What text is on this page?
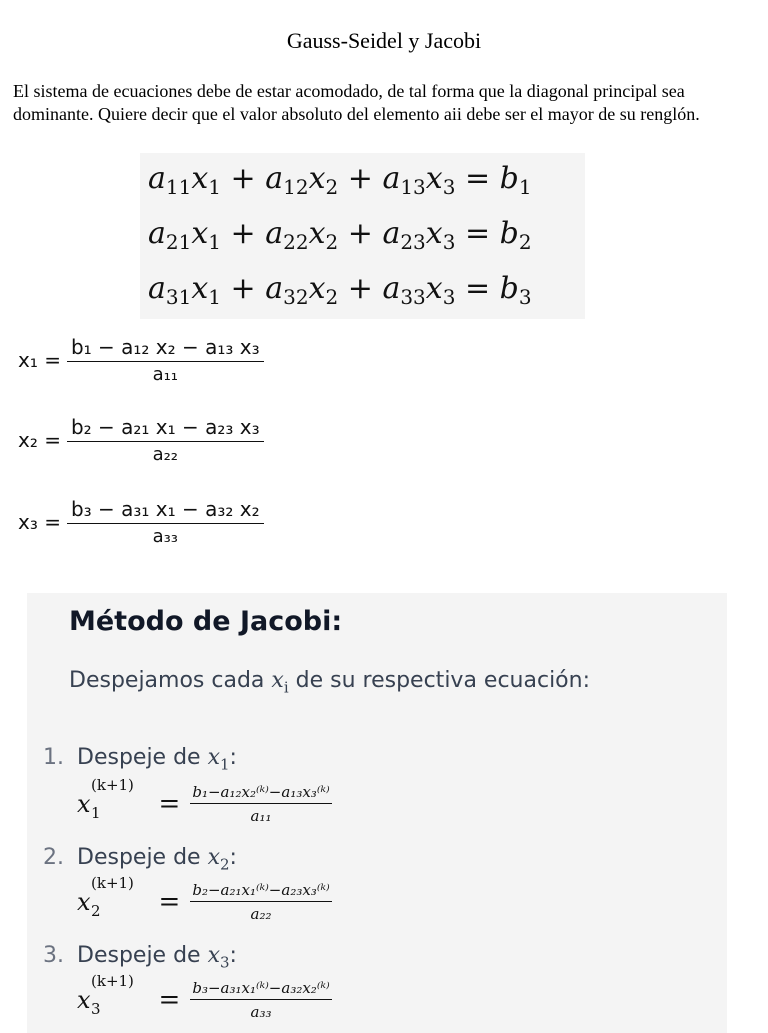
Gauss-Seidel y Jacobi
El sistema de ecuaciones debe de estar acomodado, de tal forma que la diagonal principal sea dominante. Quiere decir que el valor absoluto del elemento aii debe ser el mayor de su renglón.
$a_{11}x_1 + a_{12}x_2 + a_{13}x_3 = b_1$
$a_{21}x_1 + a_{22}x_2 + a_{23}x_3 = b_2$
$a_{31}x_1 + a_{32}x_2 + a_{33}x_3 = b_3$
$x_1 = \frac{\text{b₁ − a₁₂ x₂ − a₁₃ x₃}}{\text{a₁₁}}$
$x_2 = \frac{\text{b₂ − a₂₁ x₁ − a₂₃ x₃}}{\text{a₂₂}}$
$x_3 = \frac{\text{b₃ − a₃₁ x₁ − a₃₂ x₂}}{\text{a₃₃}}$
Método de Jacobi:
Despejamos cada $x_i$ de su respectiva ecuación:
1. Despeje de $x_1$:
x
(k+1)
$1 = \frac{\text{b₁−a₁₂x₂⁽ᵏ⁾−a₁₃x₃⁽ᵏ⁾}}{\text{a₁₁}}$
2. Despeje de $x_2$:
x
(k+1)
$2 = \frac{\text{b₂−a₂₁x₁⁽ᵏ⁾−a₂₃x₃⁽ᵏ⁾}}{\text{a₂₂}}$
3. Despeje de $x_3$:
x
(k+1)
$3 = \frac{\text{b₃−a₃₁x₁⁽ᵏ⁾−a₃₂x₂⁽ᵏ⁾}}{\text{a₃₃}}$
